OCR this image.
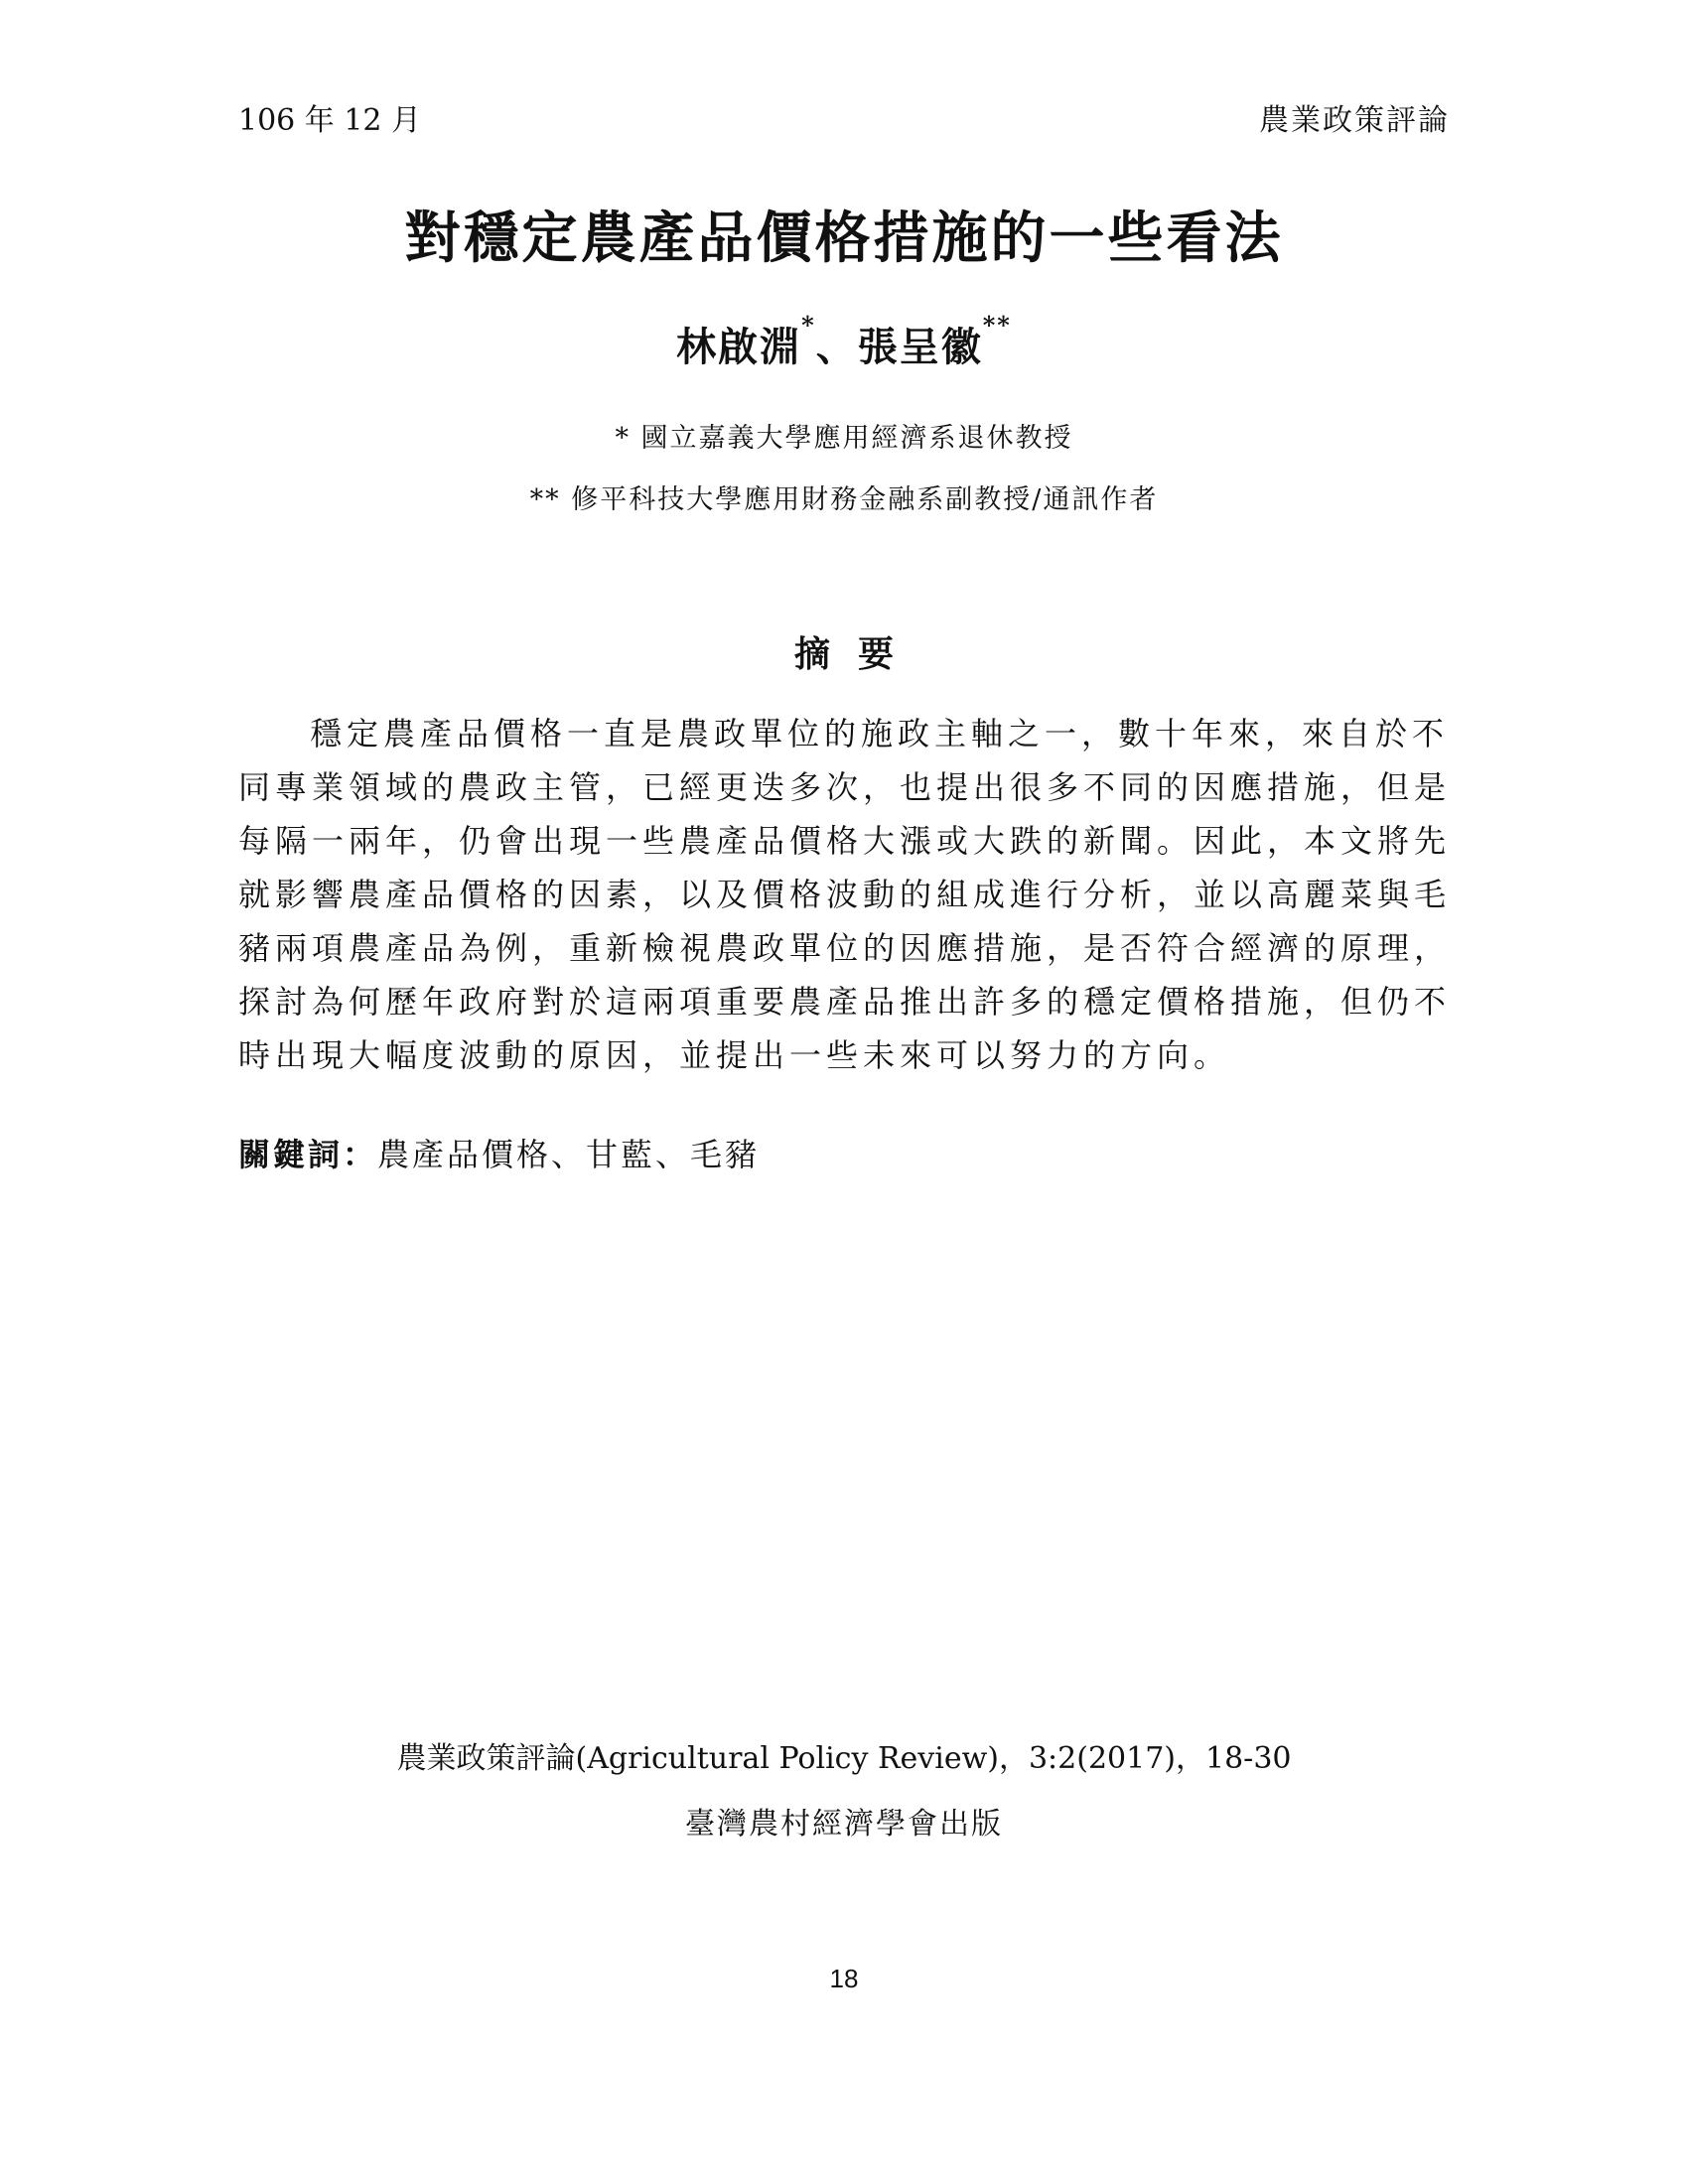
106 年 12 月	農業政策評論
對穩定農產品價格措施的一些看法
林啟淵*、張呈徽**
* 國立嘉義大學應用經濟系退休教授
** 修平科技大學應用財務金融系副教授/通訊作者
摘 要
穩定農產品價格一直是農政單位的施政主軸之一，數十年來，來自於不
同專業領域的農政主管，已經更迭多次，也提出很多不同的因應措施，但是
每隔一兩年，仍會出現一些農產品價格大漲或大跌的新聞。因此，本文將先
就影響農產品價格的因素，以及價格波動的組成進行分析，並以高麗菜與毛
豬兩項農產品為例，重新檢視農政單位的因應措施，是否符合經濟的原理，
探討為何歷年政府對於這兩項重要農產品推出許多的穩定價格措施，但仍不
時出現大幅度波動的原因，並提出一些未來可以努力的方向。
關鍵詞：農產品價格、甘藍、毛豬
農業政策評論(Agricultural Policy Review)，3:2(2017)，18-30
臺灣農村經濟學會出版
18
